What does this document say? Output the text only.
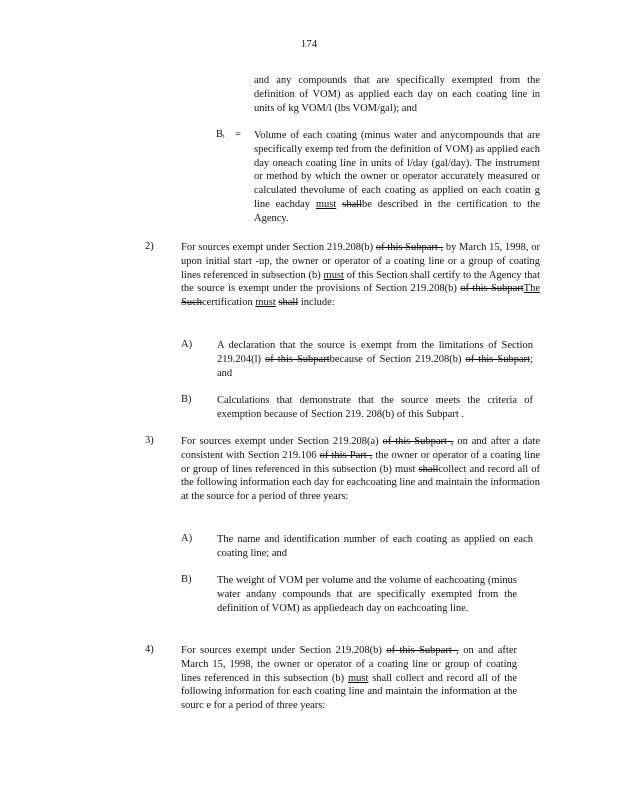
174
and any compounds that are specifically exempted from the definition of VOM) as applied each day on each coating line in units of kg VOM/l (lbs VOM/gal); and
Bi = Volume of each coating (minus water and anycompounds that are specifically exemp ted from the definition of VOM) as applied each day oneach coating line in units of l/day (gal/day). The instrument or method by which the owner or operator accurately measured or calculated thevolume of each coating as applied on each coatin g line eachday must shallbe described in the certification to the Agency.
2)	For sources exempt under Section 219.208(b) of this Subpart , by March 15, 1998, or upon initial start -up, the owner or operator of a coating line or a group of coating lines referenced in subsection (b) must of this Section shall certify to the Agency that the source is exempt under the provisions of Section 219.208(b) of this SubpartThe Suchcertification must shall include:
A) A declaration that the source is exempt from the limitations of Section 219.204(l) of this Subpartbecause of Section 219.208(b) of this Subpart; and
B) Calculations that demonstrate that the source meets the criteria of exemption because of Section 219. 208(b) of this Subpart .
3)	For sources exempt under Section 219.208(a) of this Subpart , on and after a date consistent with Section 219.106 of this Part , the owner or operator of a coating line or group of lines referenced in this subsection (b) must shallcollect and record all of the following information each day for eachcoating line and maintain the information at the source for a period of three years:
A) The name and identification number of each coating as applied on each coating line; and
B) The weight of VOM per volume and the volume of eachcoating (minus water andany compounds that are specifically exempted from the definition of VOM) as appliedeach day on eachcoating line.
4)	For sources exempt under Section 219.208(b) of this Subpart , on and after March 15, 1998, the owner or operator of a coating line or group of coating lines referenced in this subsection (b) must shall collect and record all of the following information for each coating line and maintain the information at the sourc e for a period of three years:
